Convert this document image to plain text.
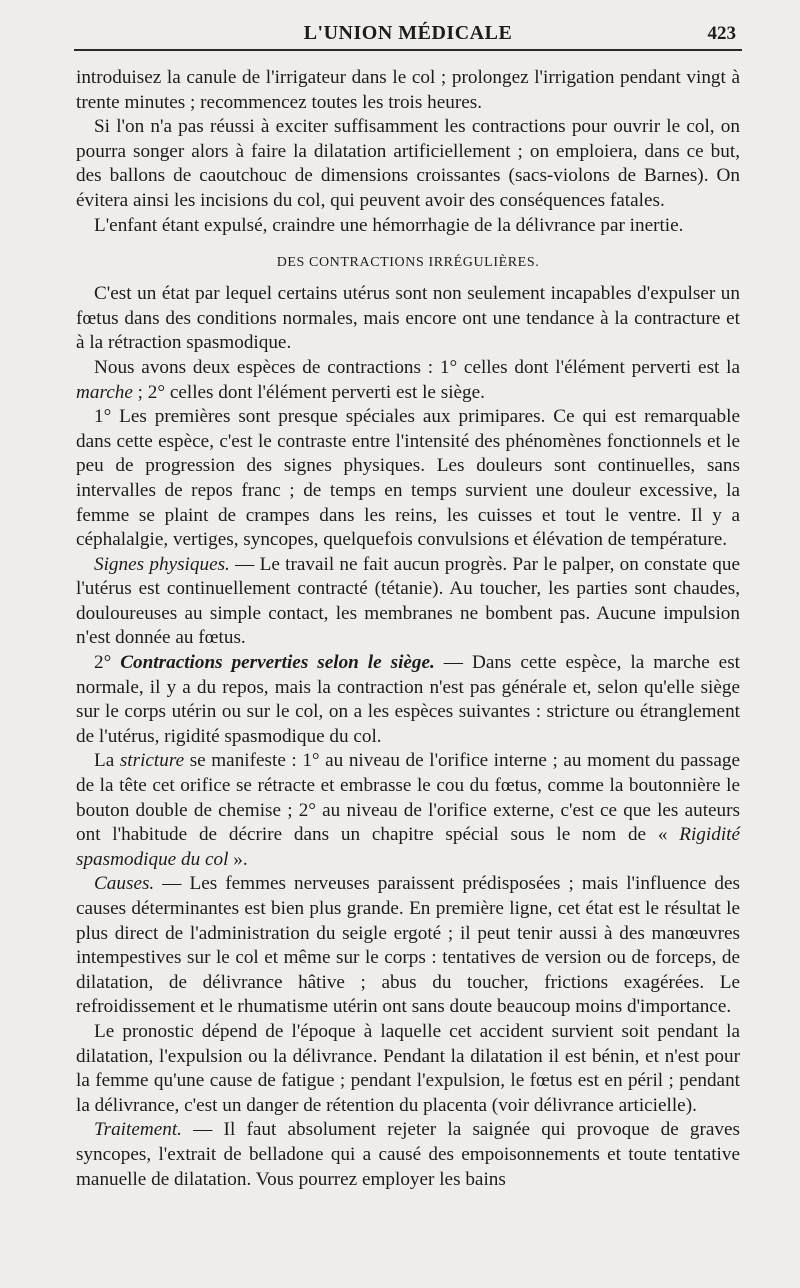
L'UNION MÉDICALE	423

introduisez la canule de l'irrigateur dans le col ; prolongez l'irrigation pendant vingt à trente minutes ; recommencez toutes les trois heures.

Si l'on n'a pas réussi à exciter suffisamment les contractions pour ouvrir le col, on pourra songer alors à faire la dilatation artificiellement ; on emploiera, dans ce but, des ballons de caoutchouc de dimensions croissantes (sacs-violons de Barnes). On évitera ainsi les incisions du col, qui peuvent avoir des conséquences fatales.

L'enfant étant expulsé, craindre une hémorrhagie de la délivrance par inertie.

DES CONTRACTIONS IRRÉGULIÈRES.

C'est un état par lequel certains utérus sont non seulement incapables d'expulser un fœtus dans des conditions normales, mais encore ont une tendance à la contracture et à la rétraction spasmodique.

Nous avons deux espèces de contractions : 1° celles dont l'élément perverti est la marche ; 2° celles dont l'élément perverti est le siège.

1° Les premières sont presque spéciales aux primipares. Ce qui est remarquable dans cette espèce, c'est le contraste entre l'intensité des phénomènes fonctionnels et le peu de progression des signes physiques. Les douleurs sont continuelles, sans intervalles de repos franc ; de temps en temps survient une douleur excessive, la femme se plaint de crampes dans les reins, les cuisses et tout le ventre. Il y a céphalalgie, vertiges, syncopes, quelquefois convulsions et élévation de température.

Signes physiques. — Le travail ne fait aucun progrès. Par le palper, on constate que l'utérus est continuellement contracté (tétanie). Au toucher, les parties sont chaudes, douloureuses au simple contact, les membranes ne bombent pas. Aucune impulsion n'est donnée au fœtus.

2° Contractions perverties selon le siège. — Dans cette espèce, la marche est normale, il y a du repos, mais la contraction n'est pas générale et, selon qu'elle siège sur le corps utérin ou sur le col, on a les espèces suivantes : stricture ou étranglement de l'utérus, rigidité spasmodique du col.

La stricture se manifeste : 1° au niveau de l'orifice interne ; au moment du passage de la tête cet orifice se rétracte et embrasse le cou du fœtus, comme la boutonnière le bouton double de chemise ; 2° au niveau de l'orifice externe, c'est ce que les auteurs ont l'habitude de décrire dans un chapitre spécial sous le nom de « Rigidité spasmodique du col ».

Causes. — Les femmes nerveuses paraissent prédisposées ; mais l'influence des causes déterminantes est bien plus grande. En première ligne, cet état est le résultat le plus direct de l'administration du seigle ergoté ; il peut tenir aussi à des manœuvres intempestives sur le col et même sur le corps : tentatives de version ou de forceps, de dilatation, de délivrance hâtive ; abus du toucher, frictions exagérées. Le refroidissement et le rhumatisme utérin ont sans doute beaucoup moins d'importance.

Le pronostic dépend de l'époque à laquelle cet accident survient soit pendant la dilatation, l'expulsion ou la délivrance. Pendant la dilatation il est bénin, et n'est pour la femme qu'une cause de fatigue ; pendant l'expulsion, le fœtus est en péril ; pendant la délivrance, c'est un danger de rétention du placenta (voir délivrance articielle).

Traitement. — Il faut absolument rejeter la saignée qui provoque de graves syncopes, l'extrait de belladone qui a causé des empoisonnements et toute tentative manuelle de dilatation. Vous pourrez employer les bains
